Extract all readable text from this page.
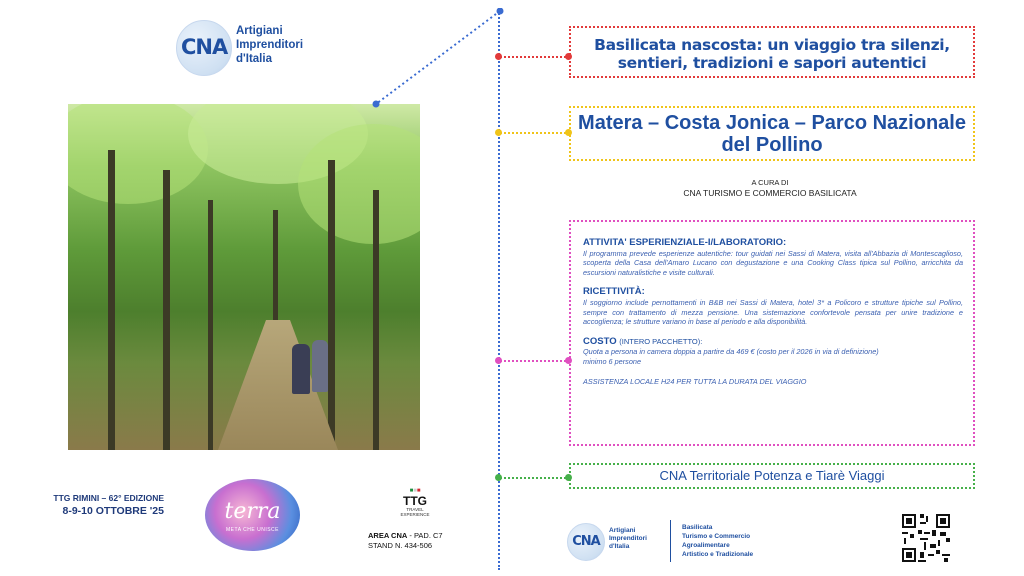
CNA
Artigiani
Imprenditori
d'Italia

Basilicata nascosta: un viaggio tra silenzi, sentieri, tradizioni e sapori autentici

Matera – Costa Jonica – Parco Nazionale del Pollino

A CURA DI
CNA TURISMO E COMMERCIO BASILICATA
ATTIVITA' ESPERIENZIALE-I/LABORATORIO:

Il programma prevede esperienze autentiche: tour guidati nei Sassi di Matera, visita all'Abbazia di Montescaglioso, scoperta della Casa dell'Amaro Lucano con degustazione e una Cooking Class tipica sul Pollino, arricchita da escursioni naturalistiche e visite culturali.

RICETTIVITÀ:

Il soggiorno include pernottamenti in B&B nei Sassi di Matera, hotel 3* a Policoro e strutture tipiche sul Pollino, sempre con trattamento di mezza pensione. Una sistemazione confortevole pensata per unire tradizione e accoglienza; le strutture variano in base al periodo e alla disponibilità.

COSTO (INTERO PACCHETTO):
Quota a persona in camera doppia a partire da 469 € (costo per il 2026 in via di definizione)
minimo 6 persone
ASSISTENZA LOCALE H24 PER TUTTA LA DURATA DEL VIAGGIO
CNA Territoriale Potenza e Tiarè Viaggi
TTG RIMINI – 62° EDIZIONE
8-9-10 OTTOBRE '25	terra
META CHE UNISCE
■■■
TTG
TRAVEL
EXPERIENCE
AREA CNA - PAD. C7
STAND N. 434-506	CNA
Artigiani
Imprenditori
d'Italia
Basilicata
Turismo e Commercio
Agroalimentare
Artistico e Tradizionale
